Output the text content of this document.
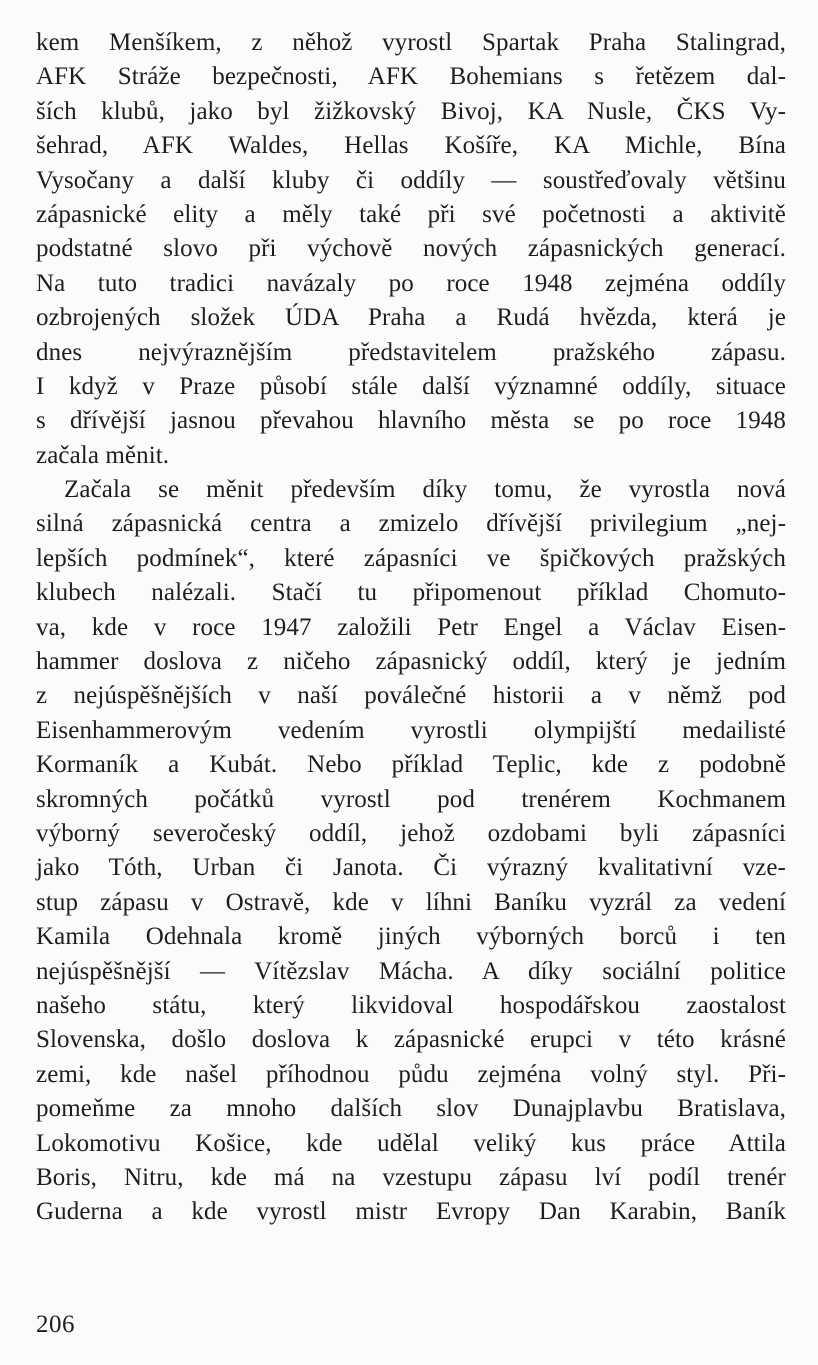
kem Menšíkem, z něhož vyrostl Spartak Praha Stalingrad,
AFK Stráže bezpečnosti, AFK Bohemians s řetězem dal-
ších klubů, jako byl žižkovský Bivoj, KA Nusle, ČKS Vy-
šehrad, AFK Waldes, Hellas Košíře, KA Michle, Bína
Vysočany a další kluby či oddíly — soustřeďovaly většinu
zápasnické elity a měly také při své početnosti a aktivitě
podstatné slovo při výchově nových zápasnických generací.
Na tuto tradici navázaly po roce 1948 zejména oddíly
ozbrojených složek ÚDA Praha a Rudá hvězda, která je
dnes nejvýraznějším představitelem pražského zápasu.
I když v Praze působí stále další významné oddíly, situace
s dřívější jasnou převahou hlavního města se po roce 1948
začala měnit.
Začala se měnit především díky tomu, že vyrostla nová
silná zápasnická centra a zmizelo dřívější privilegium „nej-
lepších podmínek“, které zápasníci ve špičkových pražských
klubech nalézali. Stačí tu připomenout příklad Chomuto-
va, kde v roce 1947 založili Petr Engel a Václav Eisen-
hammer doslova z ničeho zápasnický oddíl, který je jedním
z nejúspěšnějších v naší poválečné historii a v němž pod
Eisenhammerovým vedením vyrostli olympijští medailisté
Kormaník a Kubát. Nebo příklad Teplic, kde z podobně
skromných počátků vyrostl pod trenérem Kochmanem
výborný severočeský oddíl, jehož ozdobami byli zápasníci
jako Tóth, Urban či Janota. Či výrazný kvalitativní vze-
stup zápasu v Ostravě, kde v líhni Baníku vyzrál za vedení
Kamila Odehnala kromě jiných výborných borců i ten
nejúspěšnější — Vítězslav Mácha. A díky sociální politice
našeho státu, který likvidoval hospodářskou zaostalost
Slovenska, došlo doslova k zápasnické erupci v této krásné
zemi, kde našel příhodnou půdu zejména volný styl. Při-
pomeňme za mnoho dalších slov Dunajplavbu Bratislava,
Lokomotivu Košice, kde udělal veliký kus práce Attila
Boris, Nitru, kde má na vzestupu zápasu lví podíl trenér
Guderna a kde vyrostl mistr Evropy Dan Karabin, Baník
206
